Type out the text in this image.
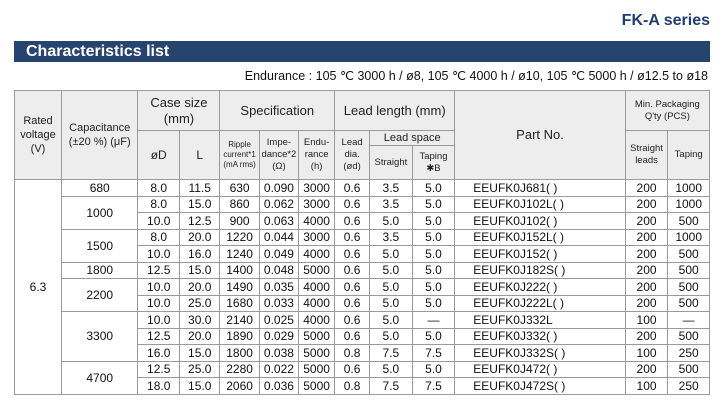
FK-A series
Characteristics list
Endurance : 105 ℃ 3000 h / ø8, 105 ℃ 4000 h / ø10, 105 ℃ 5000 h / ø12.5 to ø18
Rated voltage (V)	Capacitance (±20 %) (μF)	Case size (mm)		Specification			Lead length (mm)			Part No.	Min. Packaging Q'ty (PCS)	
		øD	L	Ripple current*1 (mA rms)	Impe- dance*2 (Ω)	Endu- rance (h)	Lead dia. (ød)	Lead space			Straight leads	Taping
								Straight	Taping ✱B			
6.3	680	8.0	11.5	630	0.090	3000	0.6	3.5	5.0	EEUFK0J681( )	200	1000
	1000	8.0	15.0	860	0.062	3000	0.6	3.5	5.0	EEUFK0J102L( )	200	1000
		10.0	12.5	900	0.063	4000	0.6	5.0	5.0	EEUFK0J102( )	200	500
	1500	8.0	20.0	1220	0.044	3000	0.6	3.5	5.0	EEUFK0J152L( )	200	1000
		10.0	16.0	1240	0.049	4000	0.6	5.0	5.0	EEUFK0J152( )	200	500
	1800	12.5	15.0	1400	0.048	5000	0.6	5.0	5.0	EEUFK0J182S( )	200	500
	2200	10.0	20.0	1490	0.035	4000	0.6	5.0	5.0	EEUFK0J222( )	200	500
		10.0	25.0	1680	0.033	4000	0.6	5.0	5.0	EEUFK0J222L( )	200	500
	3300	10.0	30.0	2140	0.025	4000	0.6	5.0	—	EEUFK0J332L	100	—
		12.5	20.0	1890	0.029	5000	0.6	5.0	5.0	EEUFK0J332( )	200	500
		16.0	15.0	1800	0.038	5000	0.8	7.5	7.5	EEUFK0J332S( )	100	250
	4700	12.5	25.0	2280	0.022	5000	0.6	5.0	5.0	EEUFK0J472( )	200	500
		18.0	15.0	2060	0.036	5000	0.8	7.5	7.5	EEUFK0J472S( )	100	250
